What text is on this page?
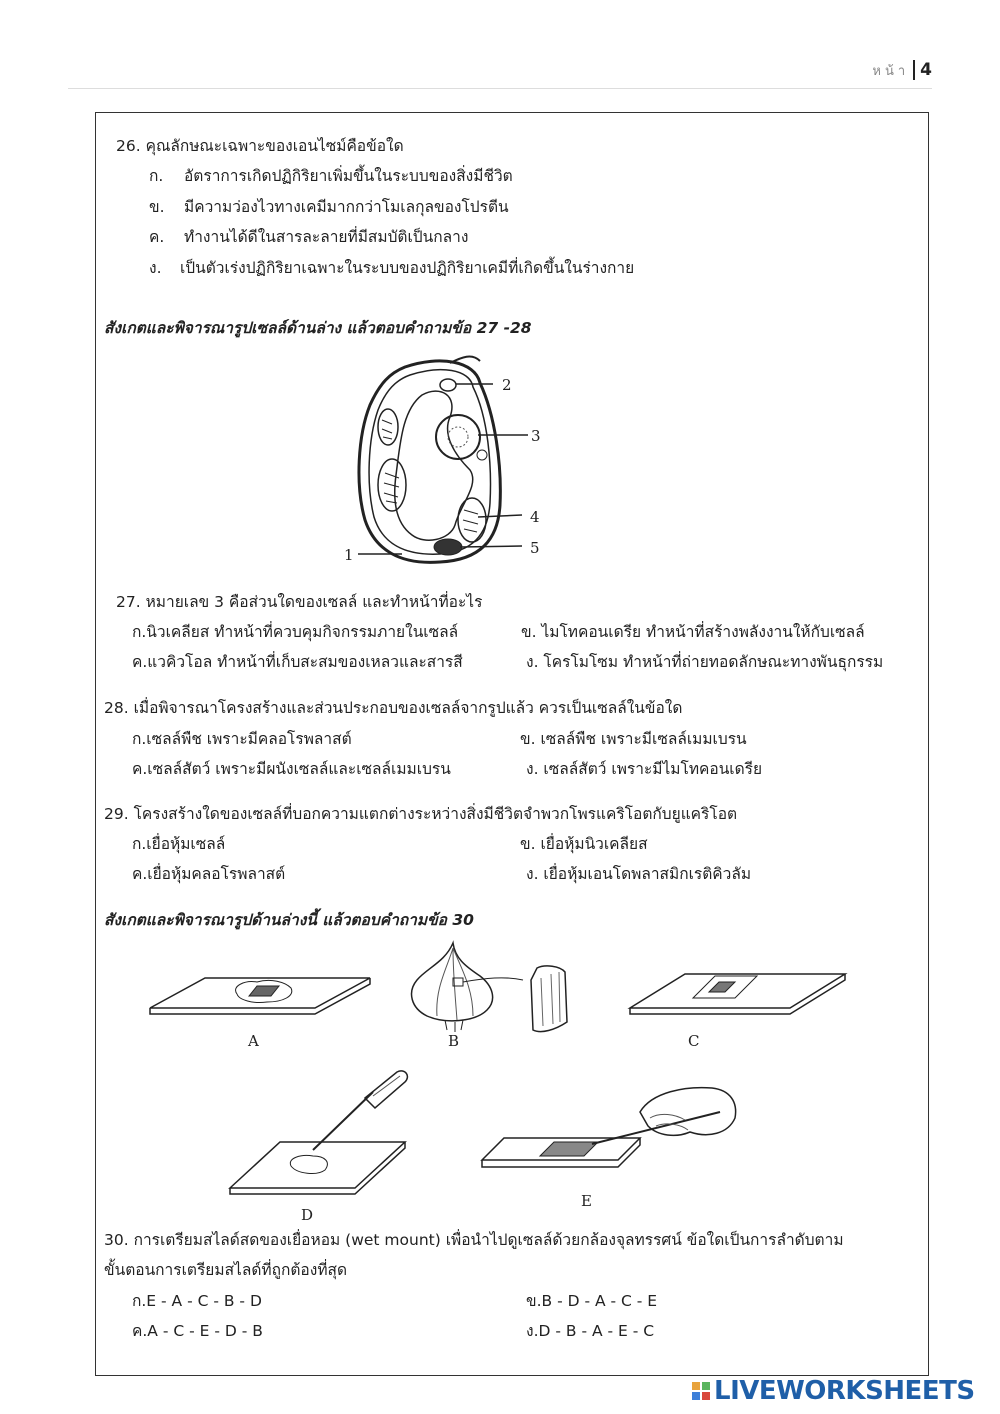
หน้า 4
26. คุณลักษณะเฉพาะของเอนไซม์คือข้อใด
ก. อัตราการเกิดปฏิกิริยาเพิ่มขึ้นในระบบของสิ่งมีชีวิต
ข. มีความว่องไวทางเคมีมากกว่าโมเลกุลของโปรตีน
ค. ทำงานได้ดีในสารละลายที่มีสมบัติเป็นกลาง
ง. เป็นตัวเร่งปฏิกิริยาเฉพาะในระบบของปฏิกิริยาเคมีที่เกิดขึ้นในร่างกาย
สังเกตและพิจารณารูปเซลล์ด้านล่าง แล้วตอบคำถามข้อ 27 -28
1
2
3
4
5
27. หมายเลข 3 คือส่วนใดของเซลล์ และทำหน้าที่อะไร
ก.นิวเคลียส ทำหน้าที่ควบคุมกิจกรรมภายในเซลล์	ข. ไมโทคอนเดรีย ทำหน้าที่สร้างพลังงานให้กับเซลล์
ค.แวคิวโอล ทำหน้าที่เก็บสะสมของเหลวและสารสี	ง. โครโมโซม ทำหน้าที่ถ่ายทอดลักษณะทางพันธุกรรม
28. เมื่อพิจารณาโครงสร้างและส่วนประกอบของเซลล์จากรูปแล้ว ควรเป็นเซลล์ในข้อใด
ก.เซลล์พืช เพราะมีคลอโรพลาสต์	ข. เซลล์พืช เพราะมีเซลล์เมมเบรน
ค.เซลล์สัตว์ เพราะมีผนังเซลล์และเซลล์เมมเบรน	ง. เซลล์สัตว์ เพราะมีไมโทคอนเดรีย
29. โครงสร้างใดของเซลล์ที่บอกความแตกต่างระหว่างสิ่งมีชีวิตจำพวกโพรแคริโอตกับยูแคริโอต
ก.เยื่อหุ้มเซลล์	ข. เยื่อหุ้มนิวเคลียส
ค.เยื่อหุ้มคลอโรพลาสต์	ง. เยื่อหุ้มเอนโดพลาสมิกเรติคิวลัม
สังเกตและพิจารณารูปด้านล่างนี้ แล้วตอบคำถามข้อ 30
A	B	C
D
E
30. การเตรียมสไลด์สดของเยื่อหอม (wet mount) เพื่อนำไปดูเซลล์ด้วยกล้องจุลทรรศน์ ข้อใดเป็นการลำดับตาม
ขั้นตอนการเตรียมสไลด์ที่ถูกต้องที่สุด
ก.E - A - C - B - D	ข.B - D - A - C - E
ค.A - C - E - D - B	ง.D - B - A - E - C
LIVEWORKSHEETS
